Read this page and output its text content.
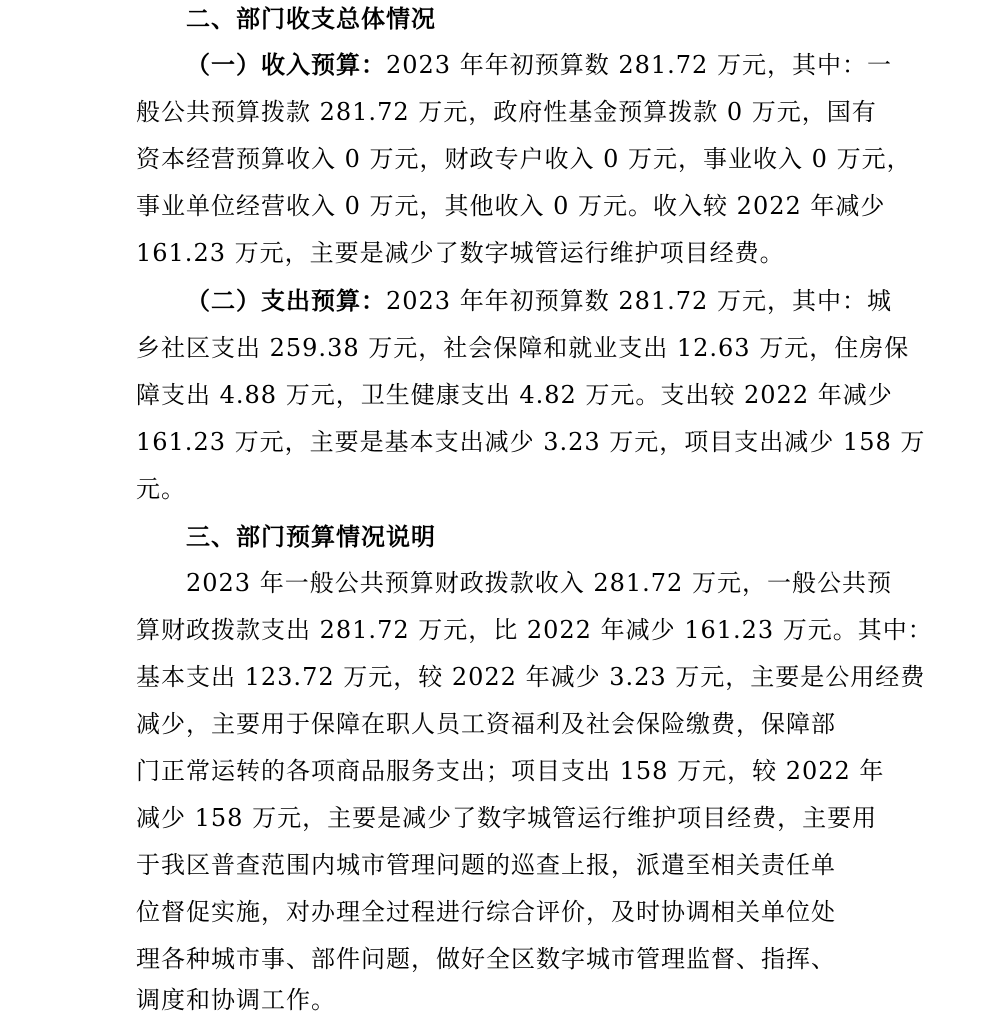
二、部门收支总体情况
（一）收入预算：2023 年年初预算数 281.72 万元，其中：一
般公共预算拨款 281.72 万元，政府性基金预算拨款 0 万元，国有
资本经营预算收入 0 万元，财政专户收入 0 万元，事业收入 0 万元，
事业单位经营收入 0 万元，其他收入 0 万元。收入较 2022 年减少
161.23 万元，主要是减少了数字城管运行维护项目经费。
（二）支出预算：2023 年年初预算数 281.72 万元，其中：城
乡社区支出 259.38 万元，社会保障和就业支出 12.63 万元，住房保
障支出 4.88 万元，卫生健康支出 4.82 万元。支出较 2022 年减少
161.23 万元，主要是基本支出减少 3.23 万元，项目支出减少 158 万
元。
三、部门预算情况说明
2023 年一般公共预算财政拨款收入 281.72 万元，一般公共预
算财政拨款支出 281.72 万元，比 2022 年减少 161.23 万元。其中：
基本支出 123.72 万元，较 2022 年减少 3.23 万元，主要是公用经费
减少，主要用于保障在职人员工资福利及社会保险缴费，保障部
门正常运转的各项商品服务支出；项目支出 158 万元，较 2022 年
减少 158 万元，主要是减少了数字城管运行维护项目经费，主要用
于我区普查范围内城市管理问题的巡查上报，派遣至相关责任单
位督促实施，对办理全过程进行综合评价，及时协调相关单位处
理各种城市事、部件问题，做好全区数字城市管理监督、指挥、
调度和协调工作。
